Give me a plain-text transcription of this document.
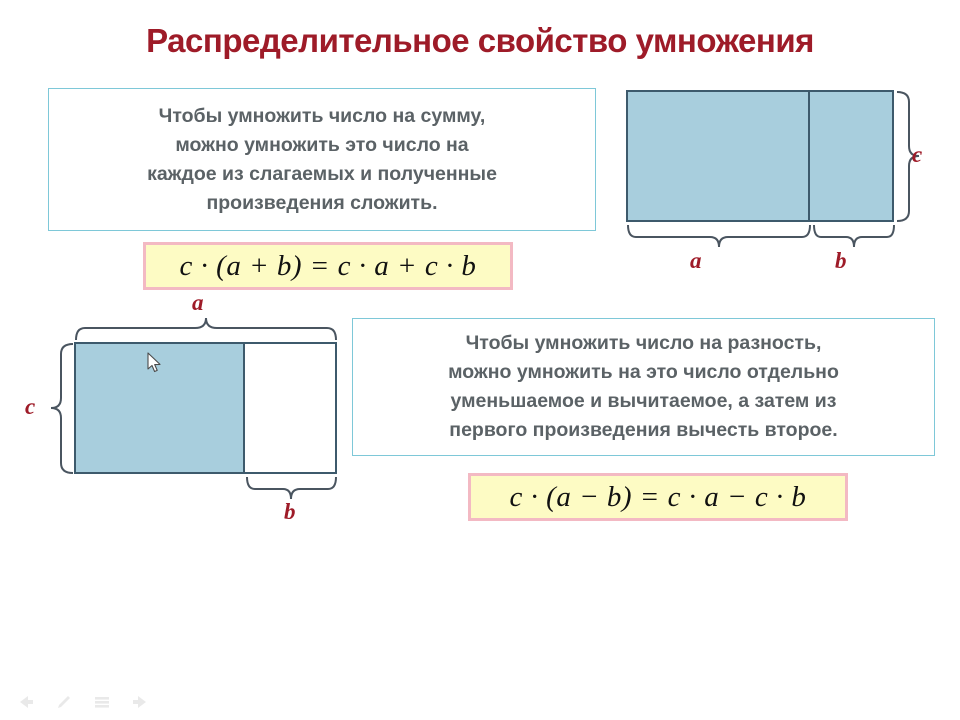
Распределительное свойство умножения
Чтобы умножить число на сумму,
можно умножить это число на
каждое из слагаемых и полученные
произведения сложить.
c · (a + b) = c · a + c · b
Чтобы умножить число на разность,
можно умножить на это число отдельно
уменьшаемое и вычитаемое, а затем из
первого произведения вычесть второе.
c · (a − b) = c · a − c · b
a	b
c
a
b
c
